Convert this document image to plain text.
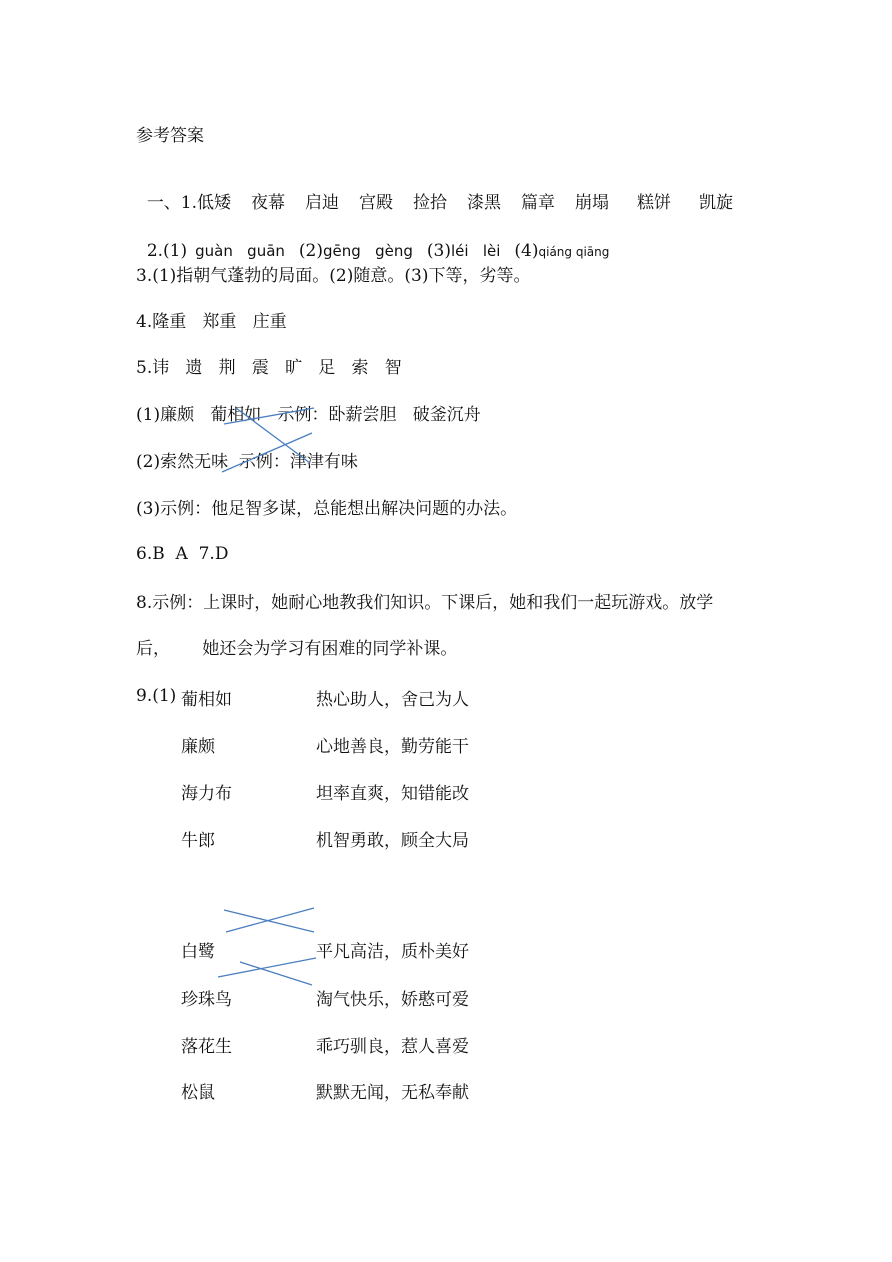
参考答案

一、1.低矮 夜幕 启迪 宫殿 捡拾 漆黑 篇章 崩塌 糕饼 凯旋

2.(1) guàn   guān (2)gēng   gèng (3)léi   lèi (4)qiáng qiāng

3.(1)指朝气蓬勃的局面。(2)随意。(3)下等，劣等。
4.隆重   郑重   庄重
5.讳   遗   荆   震   旷   足   索   智
(1)廉颇   葡相如   示例：卧薪尝胆   破釜沉舟
(2)索然无味  示例：津津有味
(3)示例：他足智多谋，总能想出解决问题的办法。
6.B  A  7.D
8.示例：上课时，她耐心地教我们知识。下课后，她和我们一起玩游戏。放学
后，      她还会为学习有困难的同学补课。
9.(1) 葡相如
廉颇
海力布
牛郎
热心助人，舍己为人
心地善良，勤劳能干
坦率直爽，知错能改
机智勇敢，顾全大局
白鹭
珍珠鸟
落花生
松鼠
平凡高洁，质朴美好
淘气快乐，娇憨可爱
乖巧驯良，惹人喜爱
默默无闻，无私奉献
